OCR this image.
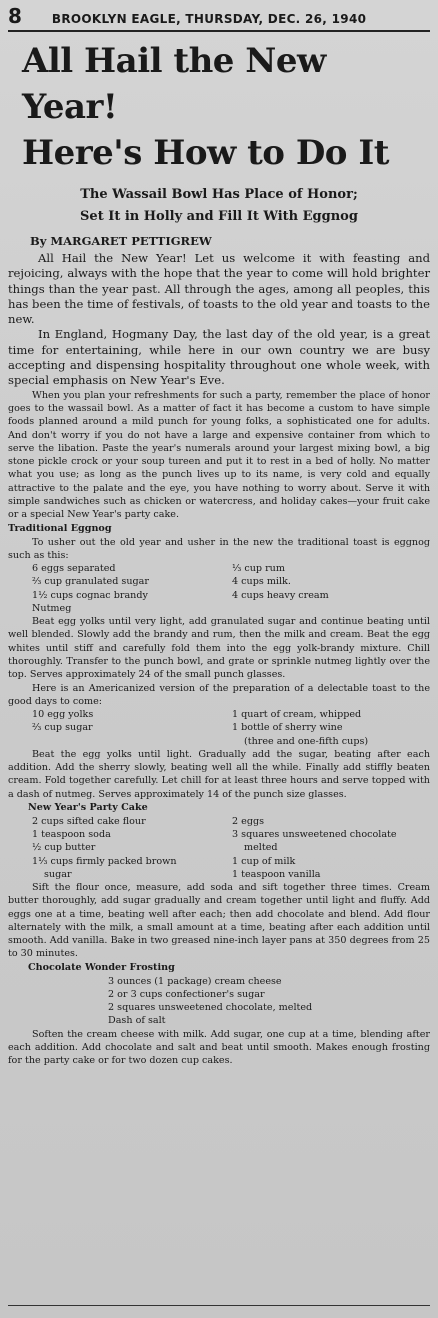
8	BROOKLYN EAGLE, THURSDAY, DEC. 26, 1940
All Hail the New Year!
Here's How to Do It
The Wassail Bowl Has Place of Honor;
Set It in Holly and Fill It With Eggnog
By MARGARET PETTIGREW

All Hail the New Year! Let us welcome it with feasting and rejoicing, always with the hope that the year to come will hold brighter things than the year past. All through the ages, among all peoples, this has been the time of festivals, of toasts to the old year and toasts to the new.

In England, Hogmany Day, the last day of the old year, is a great time for entertaining, while here in our own country we are busy accepting and dispensing hospitality throughout one whole week, with special emphasis on New Year's Eve.

When you plan your refreshments for such a party, remember the place of honor goes to the wassail bowl. As a matter of fact it has become a custom to have simple foods planned around a mild punch for young folks, a sophisticated one for adults. And don't worry if you do not have a large and expensive container from which to serve the libation. Paste the year's numerals around your largest mixing bowl, a big stone pickle crock or your soup tureen and put it to rest in a bed of holly. No matter what you use; as long as the punch lives up to its name, is very cold and equally attractive to the palate and the eye, you have nothing to worry about. Serve it with simple sandwiches such as chicken or watercress, and holiday cakes—your fruit cake or a special New Year's party cake.

Traditional Eggnog

To usher out the old year and usher in the new the traditional toast is eggnog such as this:

6 eggs separated	⅓ cup rum
⅔ cup granulated sugar	4 cups milk.
1½ cups cognac brandy	4 cups heavy cream
Nutmeg

Beat egg yolks until very light, add granulated sugar and continue beating until well blended. Slowly add the brandy and rum, then the milk and cream. Beat the egg whites until stiff and carefully fold them into the egg yolk-brandy mixture. Chill thoroughly. Transfer to the punch bowl, and grate or sprinkle nutmeg lightly over the top. Serves approximately 24 of the small punch glasses.

Here is an Americanized version of the preparation of a delectable toast to the good days to come:

10 egg yolks	1 quart of cream, whipped
⅔ cup sugar	1 bottle of sherry wine
(three and one-fifth cups)

Beat the egg yolks until light. Gradually add the sugar, beating after each addition. Add the sherry slowly, beating well all the while. Finally add stiffly beaten cream. Fold together carefully. Let chill for at least three hours and serve topped with a dash of nutmeg. Serves approximately 14 of the punch size glasses.

New Year's Party Cake
2 cups sifted cake flour	2 eggs
1 teaspoon soda	3 squares unsweetened chocolate
½ cup butter	melted
1⅓ cups firmly packed brown	1 cup of milk
sugar	1 teaspoon vanilla

Sift the flour once, measure, add soda and sift together three times. Cream butter thoroughly, add sugar gradually and cream together until light and fluffy. Add eggs one at a time, beating well after each; then add chocolate and blend. Add flour alternately with the milk, a small amount at a time, beating after each addition until smooth. Add vanilla. Bake in two greased nine-inch layer pans at 350 degrees from 25 to 30 minutes.

Chocolate Wonder Frosting
3 ounces (1 package) cream cheese
2 or 3 cups confectioner's sugar
2 squares unsweetened chocolate, melted
Dash of salt

Soften the cream cheese with milk. Add sugar, one cup at a time, blending after each addition. Add chocolate and salt and beat until smooth. Makes enough frosting for the party cake or for two dozen cup cakes.
